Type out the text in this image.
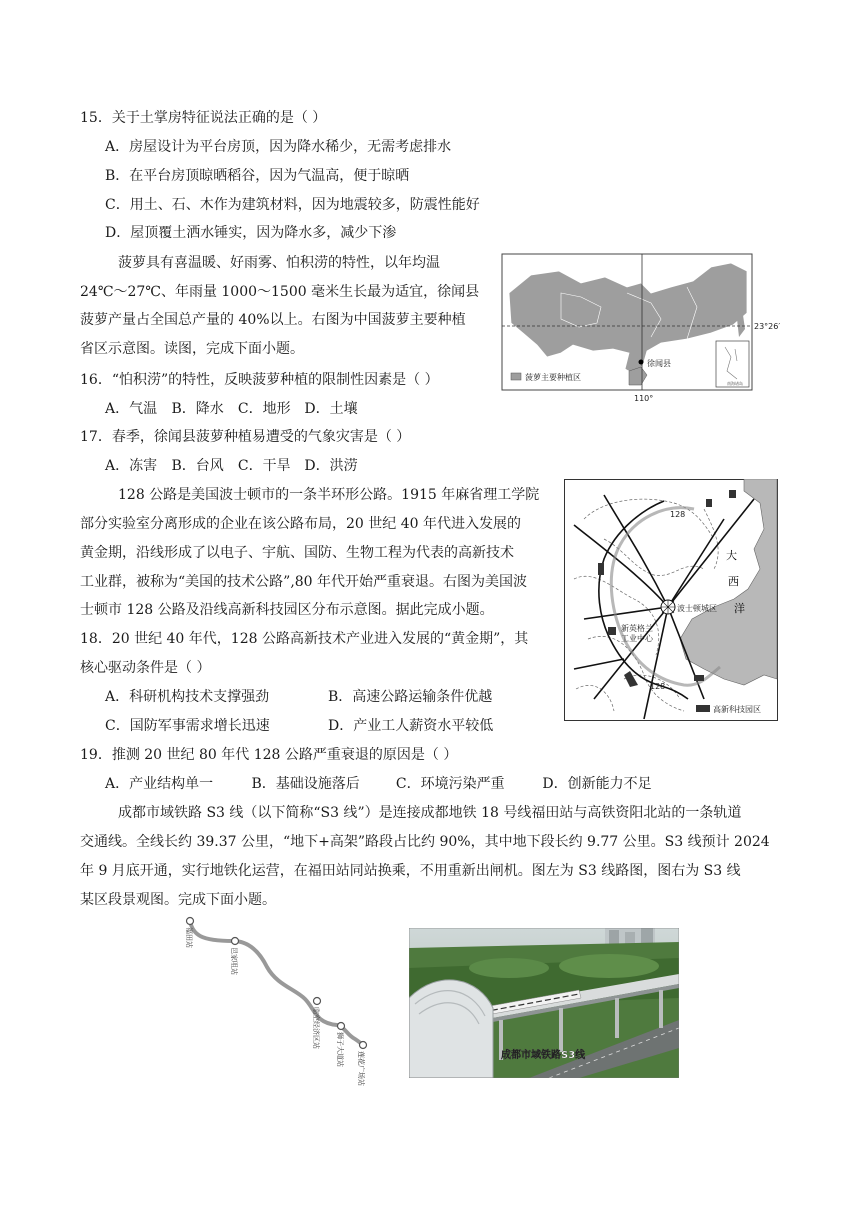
15．关于土掌房特征说法正确的是（ ）
A．房屋设计为平台房顶，因为降水稀少，无需考虑排水
B．在平台房顶晾晒稻谷，因为气温高，便于晾晒
C．用土、石、木作为建筑材料，因为地震较多，防震性能好
D．屋顶覆土洒水锤实，因为降水多，减少下渗
菠萝具有喜温暖、好雨雾、怕积涝的特性，以年均温
24℃～27℃、年雨量 1000～1500 毫米生长最为适宜，徐闻县
菠萝产量占全国总产量的 40%以上。右图为中国菠萝主要种植
省区示意图。读图，完成下面小题。
徐闻县
23°26′
110°
菠萝主要种植区
南海诸岛
16．“怕积涝”的特性，反映菠萝种植的限制性因素是（ ）
A．气温 B．降水 C．地形 D．土壤
17．春季，徐闻县菠萝种植易遭受的气象灾害是（ ）
A．冻害 B．台风 C．干旱 D．洪涝
128 公路是美国波士顿市的一条半环形公路。1915 年麻省理工学院
部分实验室分离形成的企业在该公路布局，20 世纪 40 年代进入发展的
黄金期，沿线形成了以电子、宇航、国防、生物工程为代表的高新技术
工业群，被称为“美国的技术公路”,80 年代开始严重衰退。右图为美国波
士顿市 128 公路及沿线高新科技园区分布示意图。据此完成小题。	波士顿城区
新英格兰
工业中心
128
128
大
西
洋
高新科技园区
18．20 世纪 40 年代，128 公路高新技术产业进入发展的“黄金期”，其
核心驱动条件是（ ）
A．科研机构技术支撑强劲	B．高速公路运输条件优越
C．国防军事需求增长迅速	D．产业工人薪资水平较低
19．推测 20 世纪 80 年代 128 公路严重衰退的原因是（ ）
A．产业结构单一	B．基础设施落后	C．环境污染严重	D．创新能力不足
成都市域铁路 S3 线（以下简称“S3 线”）是连接成都地铁 18 号线福田站与高铁资阳北站的一条轨道
交通线。全线长约 39.37 公里，“地下+高架”路段占比约 90%，其中地下段长约 9.77 公里。S3 线预计 2024
年 9 月底开通，实行地铁化运营，在福田站同站换乘，不用重新出闸机。图左为 S3 线路图，图右为 S3 线
某区段景观图。完成下面小题。
福田站
邑家咀站
临空经济区站
狮子大道站
莲花广场站	成都市域铁路S3线
